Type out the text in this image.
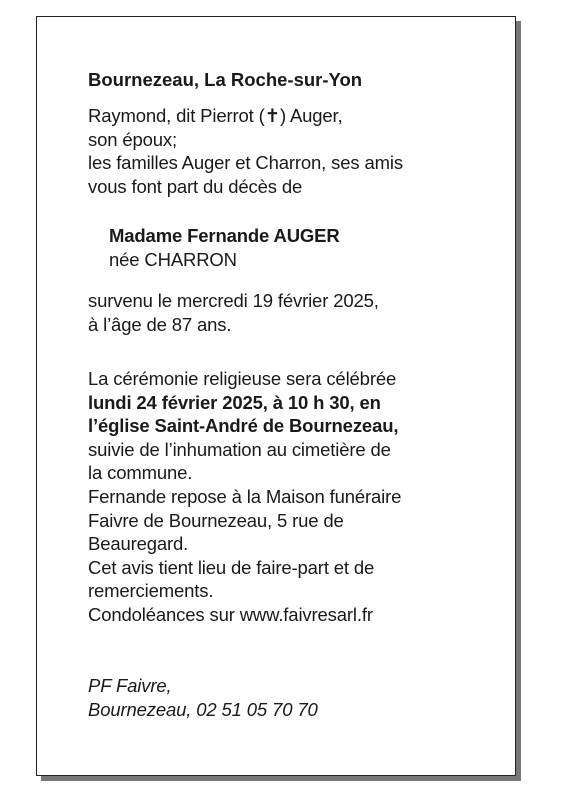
Bournezeau, La Roche-sur-Yon
Raymond, dit Pierrot (✝) Auger,
son époux;
les familles Auger et Charron, ses amis
vous font part du décès de
Madame Fernande AUGER
née CHARRON
survenu le mercredi 19 février 2025,
à l’âge de 87 ans.
La cérémonie religieuse sera célébrée
lundi 24 février 2025, à 10 h 30, en
l’église Saint-André de Bournezeau,
suivie de l’inhumation au cimetière de
la commune.
Fernande repose à la Maison funéraire
Faivre de Bournezeau, 5 rue de
Beauregard.
Cet avis tient lieu de faire-part et de
remerciements.
Condoléances sur www.faivresarl.fr
PF Faivre,
Bournezeau, 02 51 05 70 70
